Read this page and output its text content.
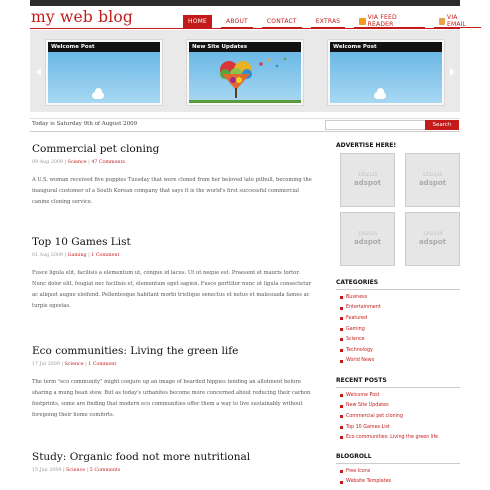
my web blog	HOME	ABOUT	CONTACT	EXTRAS	VIA FEED READER
VIA EMAIL
Welcome Post	New Site Updates	Welcome Post
Today is Saturday 9th of August 2009	Search
Commercial pet cloning
09 Aug 2009 | Science | 47 Comments

A U.S. woman received five puppies Tuesday that were cloned from her beloved late pitbull, becoming the inaugural customer of a South Korean company that says it is the world's first successful commercial canine cloning service.

Top 10 Games List
01 Aug 2009 | Gaming | 1 Comment

Fusce ligula elit, facilisis a elementum ut, congue id lacus. Ut ut neque est. Praesent et mauris tortor. Nunc dolor elit, feugiat nec facilisis et, elementum eget sapien. Fusce porttitor nunc ut ligula consectetur ac aliquet augue eleifend. Pellentesque habitant morbi tristique senectus et netus et malesuada fames ac turpis egestas.

Eco communities: Living the green life
17 Jul 2009 | Science | 1 Comment

The term "eco community" might conjure up an image of bearded hippies tending an allotment before sharing a mung bean stew. But as today's urbanites become more concerned about reducing their carbon footprints, some are finding that modern eco communities offer them a way to live sustainably without foregoing their home comforts.

Study: Organic food not more nutritional
15 Jun 2009 | Science | 5 Comments
ADVERTISE HERE!
125x125
adspot
125x125
adspot
125x125
adspot
125x125
adspot
CATEGORIES
Business
Entertainment
Featured
Gaming
Science
Technology
World News
RECENT POSTS
Welcome Post
New Site Updates
Commercial pet cloning
Top 10 Games List
Eco communities: Living the green life
BLOGROLL
Free Icons
Website Templates
